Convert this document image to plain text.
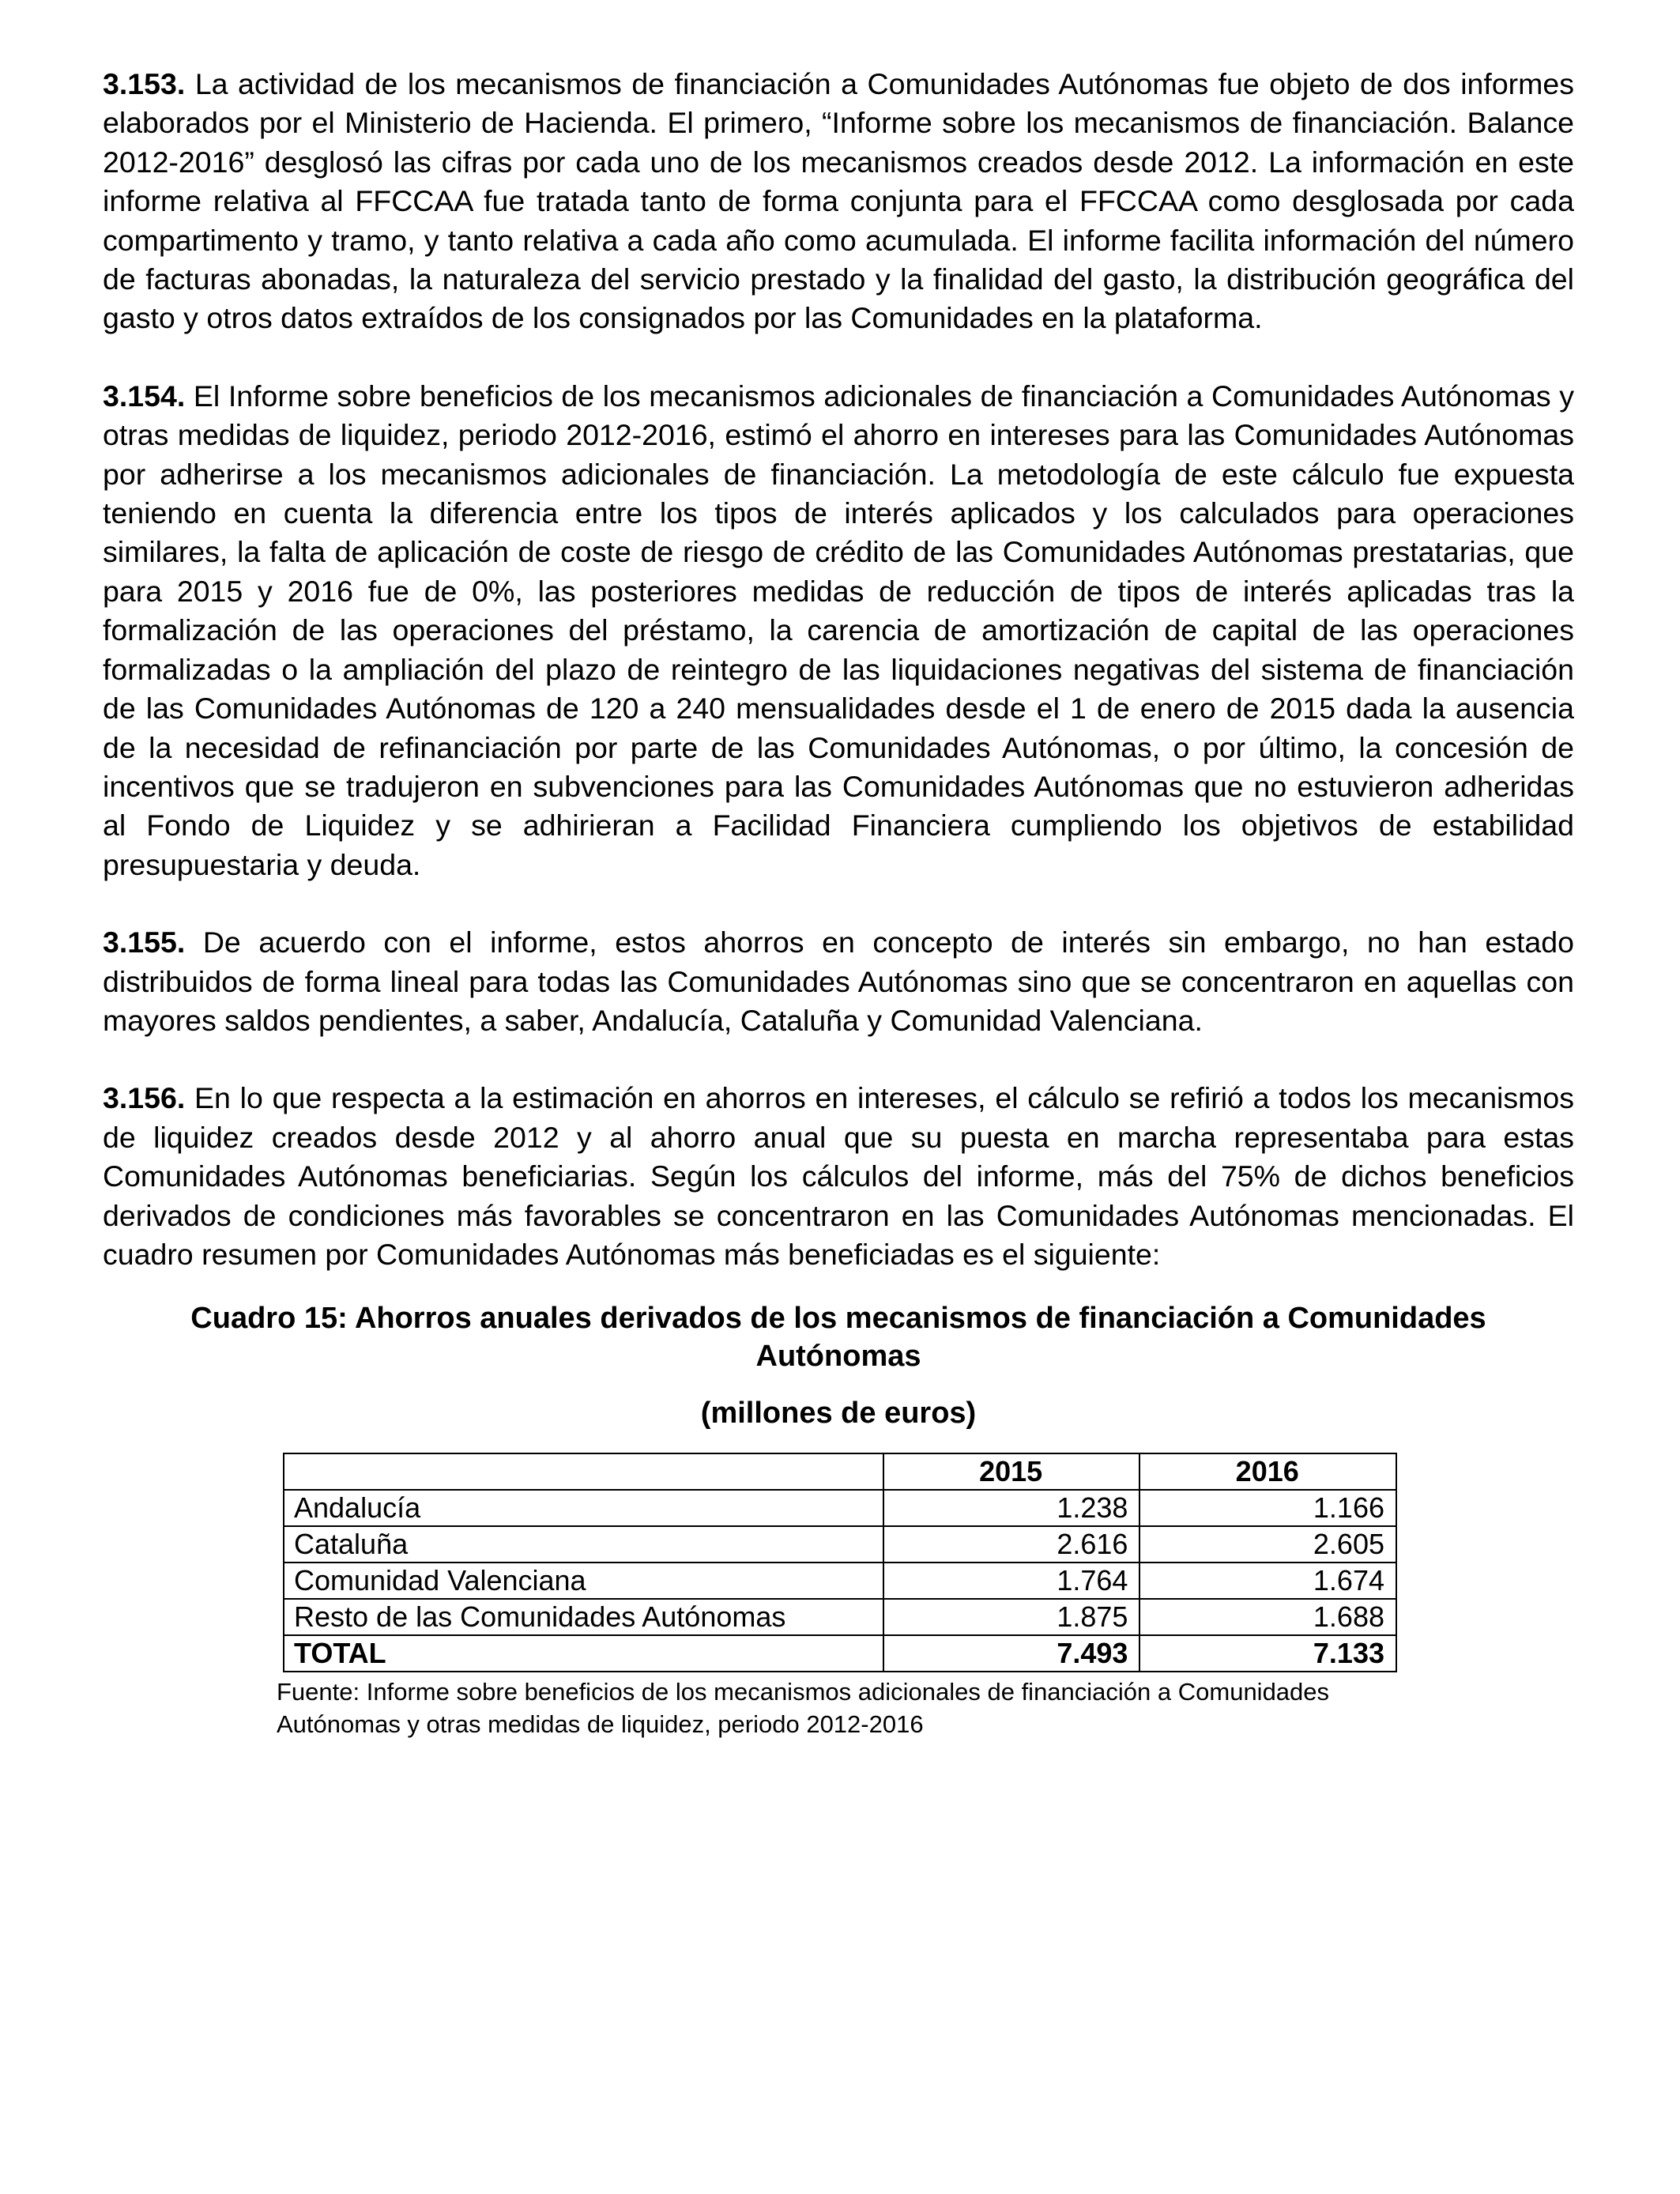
3.153. La actividad de los mecanismos de financiación a Comunidades Autónomas fue objeto de dos informes elaborados por el Ministerio de Hacienda. El primero, “Informe sobre los mecanismos de financiación. Balance 2012-2016” desglosó las cifras por cada uno de los mecanismos creados desde 2012. La información en este informe relativa al FFCCAA fue tratada tanto de forma conjunta para el FFCCAA como desglosada por cada compartimento y tramo, y tanto relativa a cada año como acumulada. El informe facilita información del número de facturas abonadas, la naturaleza del servicio prestado y la finalidad del gasto, la distribución geográfica del gasto y otros datos extraídos de los consignados por las Comunidades en la plataforma.

3.154. El Informe sobre beneficios de los mecanismos adicionales de financiación a Comunidades Autónomas y otras medidas de liquidez, periodo 2012-2016, estimó el ahorro en intereses para las Comunidades Autónomas por adherirse a los mecanismos adicionales de financiación. La metodología de este cálculo fue expuesta teniendo en cuenta la diferencia entre los tipos de interés aplicados y los calculados para operaciones similares, la falta de aplicación de coste de riesgo de crédito de las Comunidades Autónomas prestatarias, que para 2015 y 2016 fue de 0%, las posteriores medidas de reducción de tipos de interés aplicadas tras la formalización de las operaciones del préstamo, la carencia de amortización de capital de las operaciones formalizadas o la ampliación del plazo de reintegro de las liquidaciones negativas del sistema de financiación de las Comunidades Autónomas de 120 a 240 mensualidades desde el 1 de enero de 2015 dada la ausencia de la necesidad de refinanciación por parte de las Comunidades Autónomas, o por último, la concesión de incentivos que se tradujeron en subvenciones para las Comunidades Autónomas que no estuvieron adheridas al Fondo de Liquidez y se adhirieran a Facilidad Financiera cumpliendo los objetivos de estabilidad presupuestaria y deuda.

3.155. De acuerdo con el informe, estos ahorros en concepto de interés sin embargo, no han estado distribuidos de forma lineal para todas las Comunidades Autónomas sino que se concentraron en aquellas con mayores saldos pendientes, a saber, Andalucía, Cataluña y Comunidad Valenciana.

3.156. En lo que respecta a la estimación en ahorros en intereses, el cálculo se refirió a todos los mecanismos de liquidez creados desde 2012 y al ahorro anual que su puesta en marcha representaba para estas Comunidades Autónomas beneficiarias. Según los cálculos del informe, más del 75% de dichos beneficios derivados de condiciones más favorables se concentraron en las Comunidades Autónomas mencionadas. El cuadro resumen por Comunidades Autónomas más beneficiadas es el siguiente:

Cuadro 15: Ahorros anuales derivados de los mecanismos de financiación a Comunidades Autónomas

(millones de euros)

	2015	2016
Andalucía	1.238	1.166
Cataluña	2.616	2.605
Comunidad Valenciana	1.764	1.674
Resto de las Comunidades Autónomas	1.875	1.688
TOTAL	7.493	7.133
Fuente: Informe sobre beneficios de los mecanismos adicionales de financiación a Comunidades
Autónomas y otras medidas de liquidez, periodo 2012-2016
